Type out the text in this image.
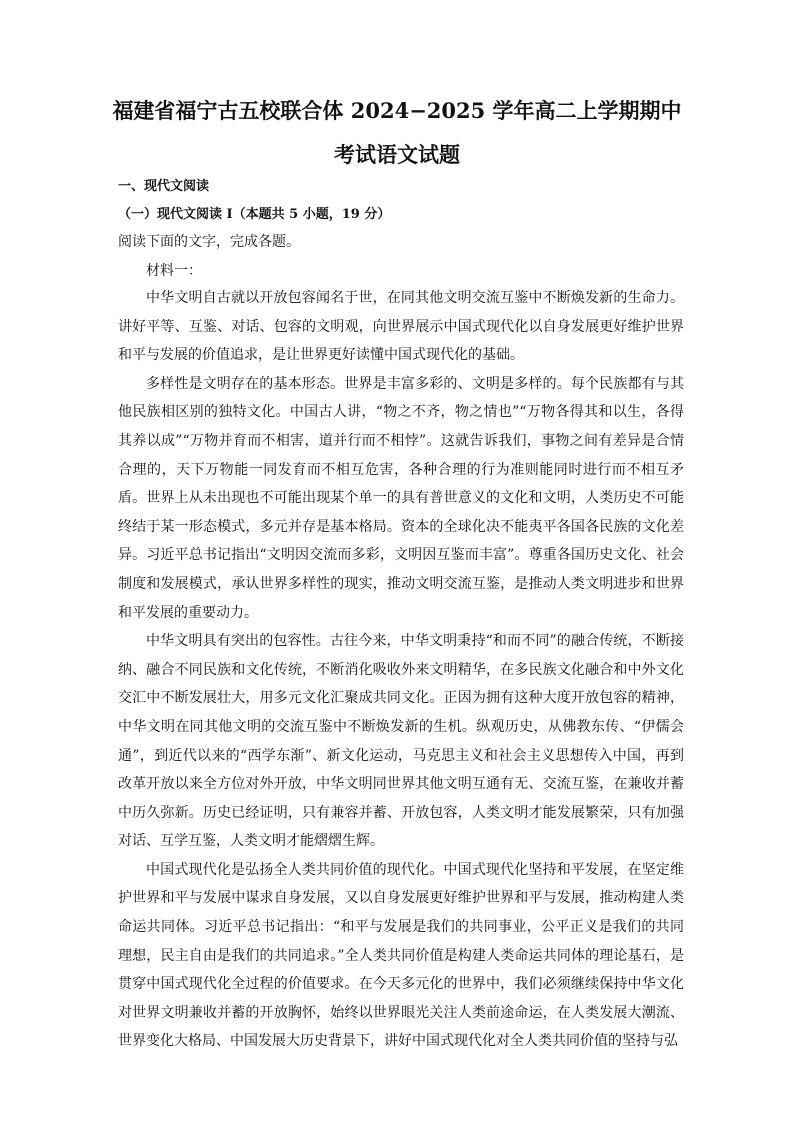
福建省福宁古五校联合体 2024−2025 学年高二上学期期中
考试语文试题
一、现代文阅读
（一）现代文阅读 I（本题共 5 小题，19 分）
阅读下面的文字，完成各题。
材料一：

中华文明自古就以开放包容闻名于世，在同其他文明交流互鉴中不断焕发新的生命力。讲好平等、互鉴、对话、包容的文明观，向世界展示中国式现代化以自身发展更好维护世界和平与发展的价值追求，是让世界更好读懂中国式现代化的基础。

多样性是文明存在的基本形态。世界是丰富多彩的、文明是多样的。每个民族都有与其他民族相区别的独特文化。中国古人讲，“物之不齐，物之情也”“万物各得其和以生，各得其养以成”“万物并育而不相害，道并行而不相悖”。这就告诉我们，事物之间有差异是合情合理的，天下万物能一同发育而不相互危害，各种合理的行为准则能同时进行而不相互矛盾。世界上从未出现也不可能出现某个单一的具有普世意义的文化和文明，人类历史不可能终结于某一形态模式，多元并存是基本格局。资本的全球化决不能夷平各国各民族的文化差异。习近平总书记指出“文明因交流而多彩，文明因互鉴而丰富”。尊重各国历史文化、社会制度和发展模式，承认世界多样性的现实，推动文明交流互鉴，是推动人类文明进步和世界和平发展的重要动力。

中华文明具有突出的包容性。古往今来，中华文明秉持“和而不同”的融合传统，不断接纳、融合不同民族和文化传统，不断消化吸收外来文明精华，在多民族文化融合和中外文化交汇中不断发展壮大，用多元文化汇聚成共同文化。正因为拥有这种大度开放包容的精神，中华文明在同其他文明的交流互鉴中不断焕发新的生机。纵观历史，从佛教东传、“伊儒会通”，到近代以来的“西学东渐”、新文化运动，马克思主义和社会主义思想传入中国，再到改革开放以来全方位对外开放，中华文明同世界其他文明互通有无、交流互鉴，在兼收并蓄中历久弥新。历史已经证明，只有兼容并蓄、开放包容，人类文明才能发展繁荣，只有加强对话、互学互鉴，人类文明才能熠熠生辉。

中国式现代化是弘扬全人类共同价值的现代化。中国式现代化坚持和平发展，在坚定维护世界和平与发展中谋求自身发展，又以自身发展更好维护世界和平与发展，推动构建人类命运共同体。习近平总书记指出：“和平与发展是我们的共同事业，公平正义是我们的共同理想，民主自由是我们的共同追求。”全人类共同价值是构建人类命运共同体的理论基石，是贯穿中国式现代化全过程的价值要求。在今天多元化的世界中，我们必须继续保持中华文化对世界文明兼收并蓄的开放胸怀，始终以世界眼光关注人类前途命运，在人类发展大潮流、世界变化大格局、中国发展大历史背景下，讲好中国式现代化对全人类共同价值的坚持与弘
